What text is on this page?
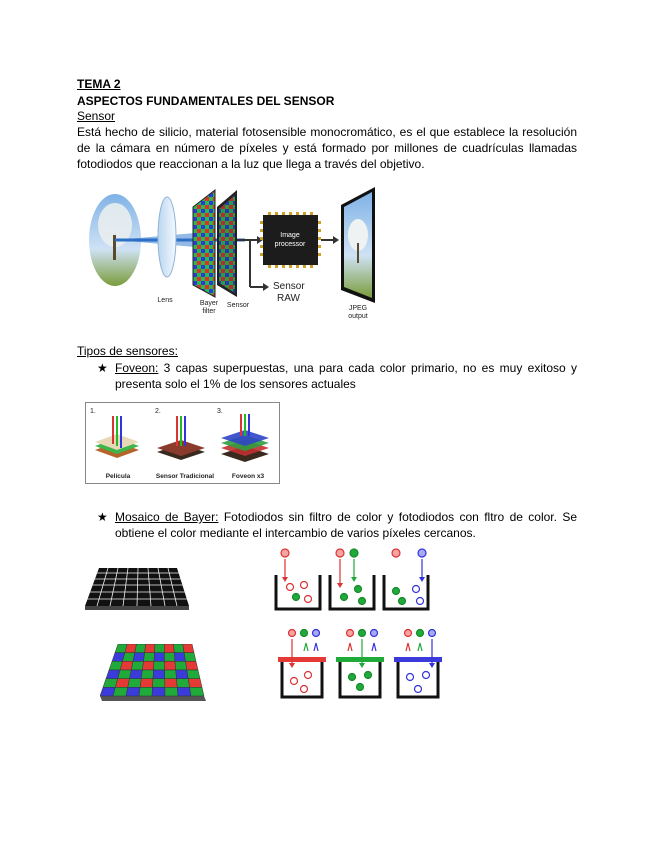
TEMA 2
ASPECTOS FUNDAMENTALES DEL SENSOR
Sensor
Está hecho de silicio, material fotosensible monocromático, es el que establece la resolución de la cámara en número de píxeles y está formado por millones de cuadrículas llamadas fotodiodos que reaccionan a la luz que llega a través del objetivo.
Image
processor
Lens	Bayer
filter
Sensor
Sensor
RAW
JPEG
output
Tipos de sensores:
★ Foveon: 3 capas superpuestas, una para cada color primario, no es muy exitoso y presenta solo el 1% de los sensores actuales
1.	2.	3.
Película	Sensor Tradicional	Foveon x3
★ Mosaico de Bayer: Fotodiodos sin filtro de color y fotodiodos con fltro de color. Se obtiene el color mediante el intercambio de varios píxeles cercanos.
